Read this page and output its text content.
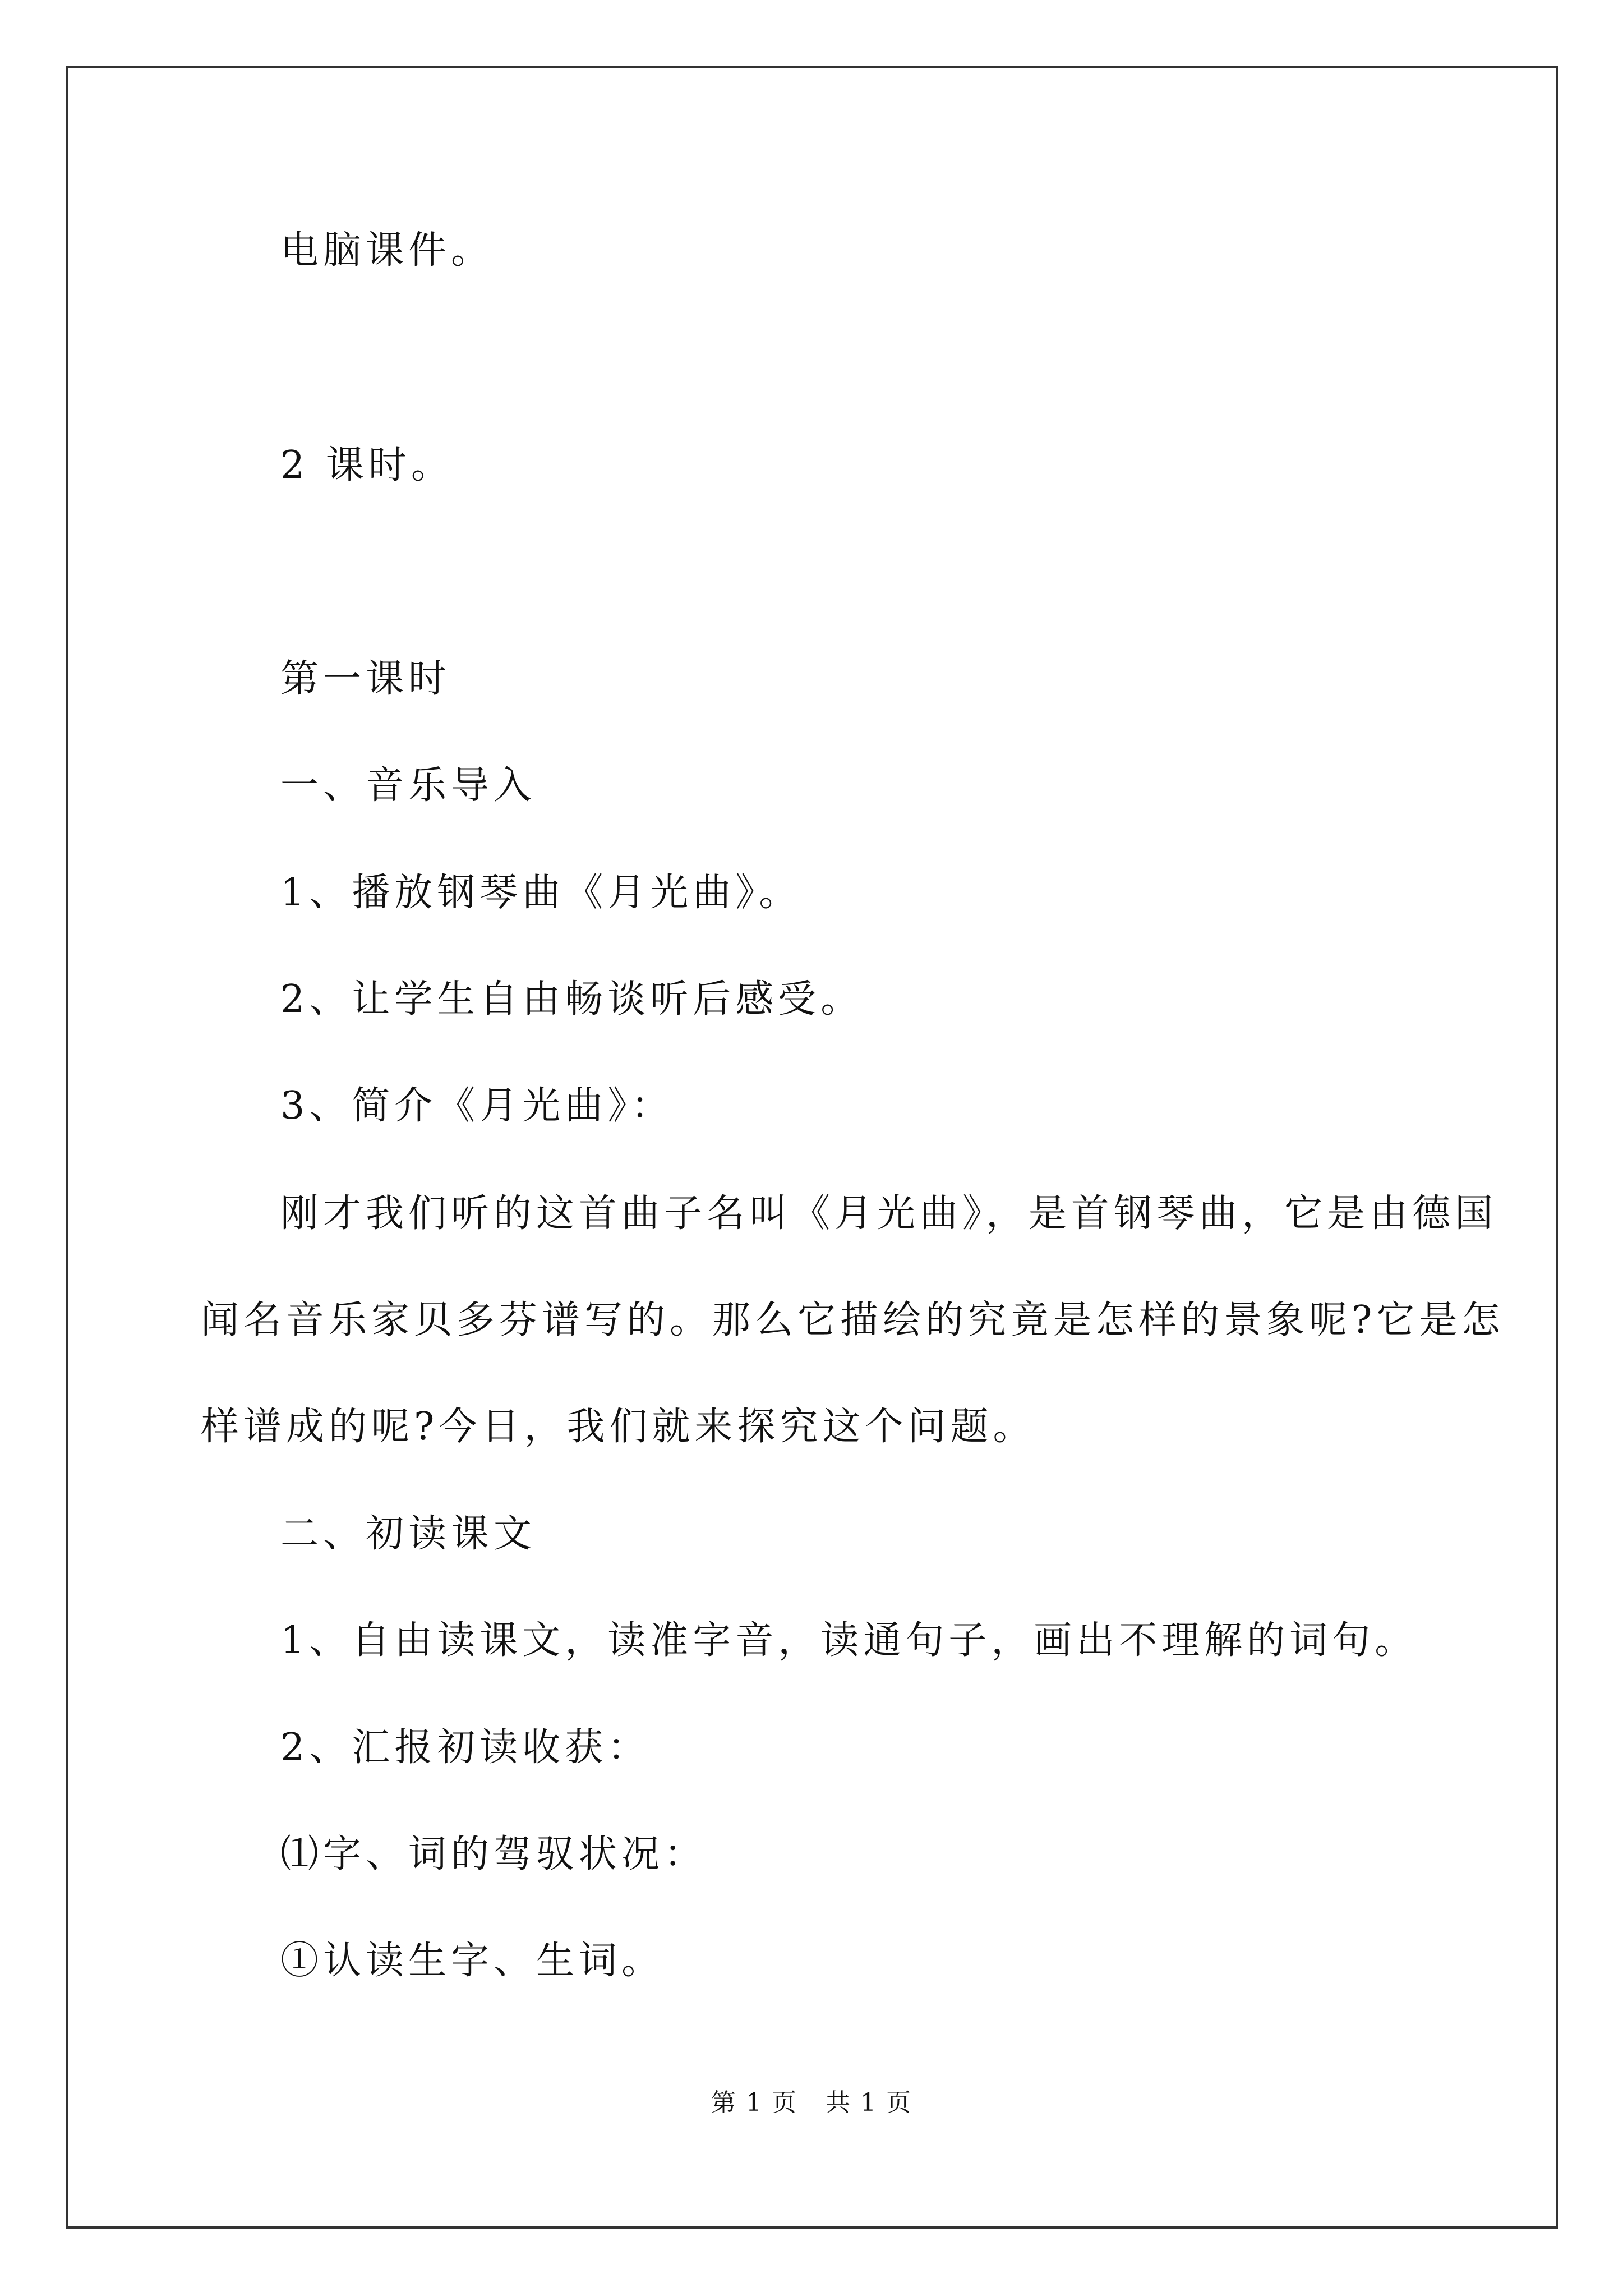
电脑课件。

2 课时。

第一课时

一、音乐导入

1、播放钢琴曲《月光曲》。

2、让学生自由畅谈听后感受。

3、简介《月光曲》：

刚才我们听的这首曲子名叫《月光曲》，是首钢琴曲，它是由德国

闻名音乐家贝多芬谱写的。那么它描绘的究竟是怎样的景象呢?它是怎

样谱成的呢?今日，我们就来探究这个问题。

二、初读课文

1、自由读课文，读准字音，读通句子，画出不理解的词句。

2、汇报初读收获：

⑴字、词的驾驭状况：

①认读生字、生词。

第 1 页 共 1 页
